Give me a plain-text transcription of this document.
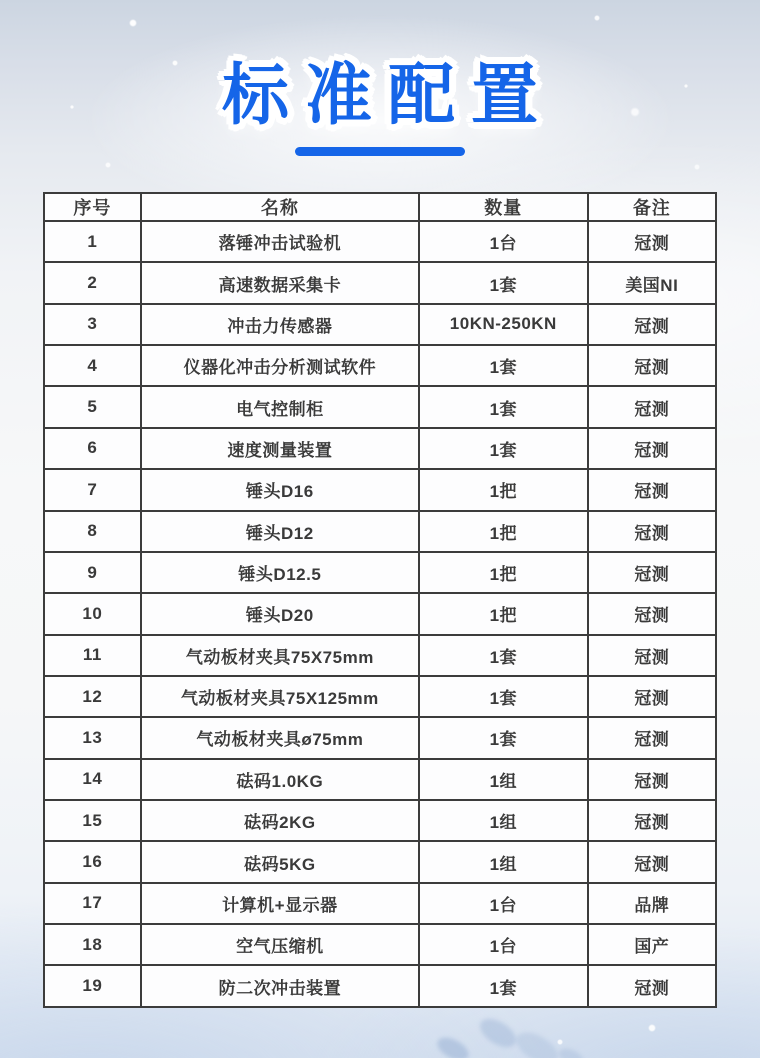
标准配置
序号	名称	数量	备注
1	落锤冲击试验机	1台	冠测
2	高速数据采集卡	1套	美国NI
3	冲击力传感器	10KN-250KN	冠测
4	仪器化冲击分析测试软件	1套	冠测
5	电气控制柜	1套	冠测
6	速度测量装置	1套	冠测
7	锤头D16	1把	冠测
8	锤头D12	1把	冠测
9	锤头D12.5	1把	冠测
10	锤头D20	1把	冠测
11	气动板材夹具75X75mm	1套	冠测
12	气动板材夹具75X125mm	1套	冠测
13	气动板材夹具ø75mm	1套	冠测
14	砝码1.0KG	1组	冠测
15	砝码2KG	1组	冠测
16	砝码5KG	1组	冠测
17	计算机+显示器	1台	品牌
18	空气压缩机	1台	国产
19	防二次冲击装置	1套	冠测
